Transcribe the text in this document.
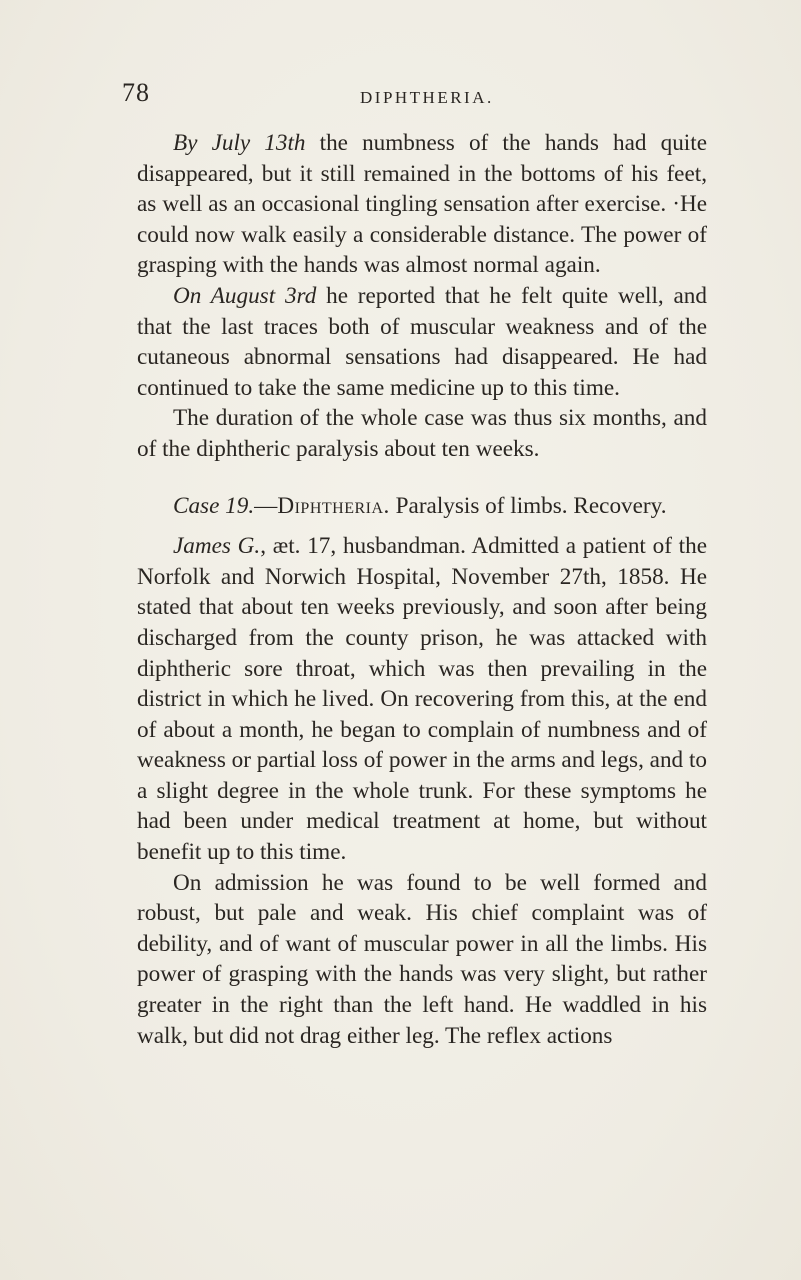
78	DIPHTHERIA.

By July 13th the numbness of the hands had quite disappeared, but it still remained in the bottoms of his feet, as well as an occasional tingling sensation after exercise. ·He could now walk easily a considerable distance. The power of grasping with the hands was almost normal again.

On August 3rd he reported that he felt quite well, and that the last traces both of muscular weakness and of the cutaneous abnormal sensations had disappeared. He had continued to take the same medicine up to this time.

The duration of the whole case was thus six months, and of the diphtheric paralysis about ten weeks.

Case 19.—Diphtheria. Paralysis of limbs. Recovery.

James G., æt. 17, husbandman. Admitted a patient of the Norfolk and Norwich Hospital, November 27th, 1858. He stated that about ten weeks previously, and soon after being discharged from the county prison, he was attacked with diphtheric sore throat, which was then prevailing in the district in which he lived. On recovering from this, at the end of about a month, he began to complain of numbness and of weakness or partial loss of power in the arms and legs, and to a slight degree in the whole trunk. For these symptoms he had been under medical treatment at home, but without benefit up to this time.

On admission he was found to be well formed and robust, but pale and weak. His chief complaint was of debility, and of want of muscular power in all the limbs. His power of grasping with the hands was very slight, but rather greater in the right than the left hand. He waddled in his walk, but did not drag either leg. The reflex actions
